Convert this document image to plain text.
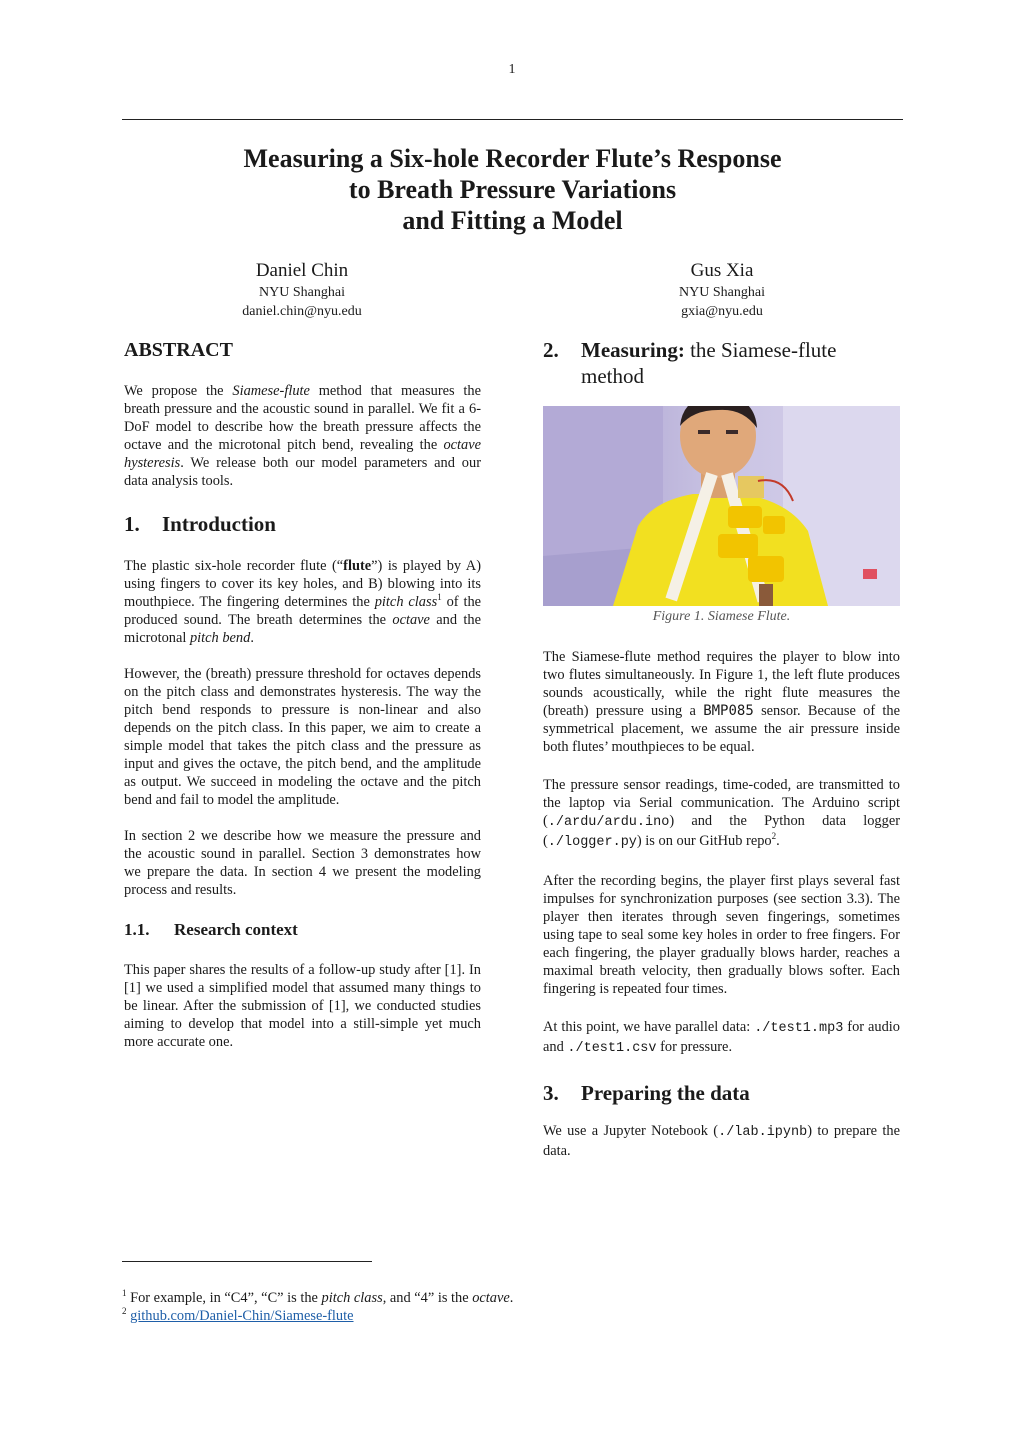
1
Measuring a Six-hole Recorder Flute’s Response
to Breath Pressure Variations
and Fitting a Model
Daniel Chin
NYU Shanghai
daniel.chin@nyu.edu
Gus Xia
NYU Shanghai
gxia@nyu.edu
ABSTRACT

We propose the Siamese-flute method that measures the breath pressure and the acoustic sound in parallel. We fit a 6-DoF model to describe how the breath pressure affects the octave and the microtonal pitch bend, revealing the octave hysteresis. We release both our model parameters and our data analysis tools.

1. Introduction

The plastic six-hole recorder flute (“flute”) is played by A) using fingers to cover its key holes, and B) blowing into its mouthpiece. The fingering determines the pitch class$^1$ of the produced sound. The breath determines the octave and the microtonal pitch bend.

However, the (breath) pressure threshold for octaves depends on the pitch class and demonstrates hysteresis. The way the pitch bend responds to pressure is non-linear and also depends on the pitch class. In this paper, we aim to create a simple model that takes the pitch class and the pressure as input and gives the octave, the pitch bend, and the amplitude as output. We succeed in modeling the octave and the pitch bend and fail to model the amplitude.

In section 2 we describe how we measure the pressure and the acoustic sound in parallel. Section 3 demonstrates how we prepare the data. In section 4 we present the modeling process and results.

1.1. Research context

This paper shares the results of a follow-up study after [1]. In [1] we used a simplified model that assumed many things to be linear. After the submission of [1], we conducted studies aiming to develop that model into a still-simple yet much more accurate one.

2. Measuring: the Siamese-flute
method
Figure 1. Siamese Flute.

The Siamese-flute method requires the player to blow into two flutes simultaneously. In Figure 1, the left flute produces sounds acoustically, while the right flute measures the (breath) pressure using a BMP085 sensor. Because of the symmetrical placement, we assume the air pressure inside both flutes’ mouthpieces to be equal.

The pressure sensor readings, time-coded, are transmitted to the laptop via Serial communication. The Arduino script (./ardu/ardu.ino) and the Python data logger (./logger.py) is on our GitHub repo$^2$.

After the recording begins, the player first plays several fast impulses for synchronization purposes (see section 3.3). The player then iterates through seven fingerings, sometimes using tape to seal some key holes in order to free fingers. For each fingering, the player gradually blows harder, reaches a maximal breath velocity, then gradually blows softer. Each fingering is repeated four times.

At this point, we have parallel data: ./test1.mp3 for audio and ./test1.csv for pressure.

3. Preparing the data

We use a Jupyter Notebook (./lab.ipynb) to prepare the data.

$^1$ For example, in “C4”, “C” is the pitch class, and “4” is the octave.
$^2$ github.com/Daniel-Chin/Siamese-flute
